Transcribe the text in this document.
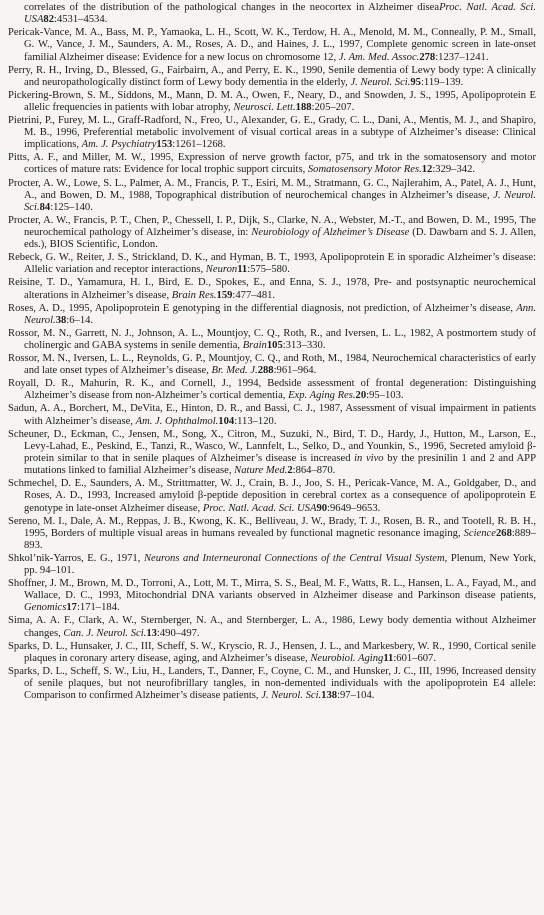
correlates of the distribution of the pathological changes in the neocortex in Alzheimer diseaProc. Natl. Acad. Sci. USA82:4531–4534.
Pericak-Vance, M. A., Bass, M. P., Yamaoka, L. H., Scott, W. K., Terdow, H. A., Menold, M. M., Conneally, P. M., Small, G. W., Vance, J. M., Saunders, A. M., Roses, A. D., and Haines, J. L., 1997, Complete genomic screen in late-onset familial Alzheimer disease: Evidence for a new locus on chromosome 12, J. Am. Med. Assoc.278:1237–1241.
Perry, R. H., Irving, D., Blessed, G., Fairbairn, A., and Perry, E. K., 1990, Senile dementia of Lewy body type: A clinically and neuropathologically distinct form of Lewy body dementia in the elderly, J. Neurol. Sci.95:119–139.
Pickering-Brown, S. M., Siddons, M., Mann, D. M. A., Owen, F., Neary, D., and Snowden, J. S., 1995, Apolipoprotein E allelic frequencies in patients with lobar atrophy, Neurosci. Lett.188:205–207.
Pietrini, P., Furey, M. L., Graff-Radford, N., Freo, U., Alexander, G. E., Grady, C. L., Dani, A., Mentis, M. J., and Shapiro, M. B., 1996, Preferential metabolic involvement of visual cortical areas in a subtype of Alzheimer’s disease: Clinical implications, Am. J. Psychiatry153:1261–1268.
Pitts, A. F., and Miller, M. W., 1995, Expression of nerve growth factor, p75, and trk in the somatosensory and motor cortices of mature rats: Evidence for local trophic support circuits, Somatosensory Motor Res.12:329–342.
Procter, A. W., Lowe, S. L., Palmer, A. M., Francis, P. T., Esiri, M. M., Stratmann, G. C., Najlerahim, A., Patel, A. J., Hunt, A., and Bowen, D. M., 1988, Topographical distribution of neurochemical changes in Alzheimer’s disease, J. Neurol. Sci.84:125–140.
Procter, A. W., Francis, P. T., Chen, P., Chessell, I. P., Dijk, S., Clarke, N. A., Webster, M.-T., and Bowen, D. M., 1995, The neurochemical pathology of Alzheimer’s disease, in: Neurobiology of Alzheimer’s Disease (D. Dawbarn and S. J. Allen, eds.), BIOS Scientific, London.
Rebeck, G. W., Reiter, J. S., Strickland, D. K., and Hyman, B. T., 1993, Apolipoprotein E in sporadic Alzheimer’s disease: Allelic variation and receptor interactions, Neuron11:575–580.
Reisine, T. D., Yamamura, H. I., Bird, E. D., Spokes, E., and Enna, S. J., 1978, Pre- and postsynaptic neurochemical alterations in Alzheimer’s disease, Brain Res.159:477–481.
Roses, A. D., 1995, Apolipoprotein E genotyping in the differential diagnosis, not prediction, of Alzheimer’s disease, Ann. Neurol.38:6–14.
Rossor, M. N., Garrett, N. J., Johnson, A. L., Mountjoy, C. Q., Roth, R., and Iversen, L. L., 1982, A postmortem study of cholinergic and GABA systems in senile dementia, Brain105:313–330.
Rossor, M. N., Iversen, L. L., Reynolds, G. P., Mountjoy, C. Q., and Roth, M., 1984, Neurochemical characteristics of early and late onset types of Alzheimer’s disease, Br. Med. J.288:961–964.
Royall, D. R., Mahurin, R. K., and Cornell, J., 1994, Bedside assessment of frontal degeneration: Distinguishing Alzheimer’s disease from non-Alzheimer’s cortical dementia, Exp. Aging Res.20:95–103.
Sadun, A. A., Borchert, M., DeVita, E., Hinton, D. R., and Bassi, C. J., 1987, Assessment of visual impairment in patients with Alzheimer’s disease, Am. J. Ophthalmol.104:113–120.
Scheuner, D., Eckman, C., Jensen, M., Song, X., Citron, M., Suzuki, N., Bird, T. D., Hardy, J., Hutton, M., Larson, E., Levy-Lahad, E., Peskind, E., Tanzi, R., Wasco, W., Lannfelt, L., Selko, D., and Younkin, S., 1996, Secreted amyloid β-protein similar to that in senile plaques of Alzheimer’s disease is increased in vivo by the presinilin 1 and 2 and APP mutations linked to familial Alzheimer’s disease, Nature Med.2:864–870.
Schmechel, D. E., Saunders, A. M., Strittmatter, W. J., Crain, B. J., Joo, S. H., Pericak-Vance, M. A., Goldgaber, D., and Roses, A. D., 1993, Increased amyloid β-peptide deposition in cerebral cortex as a consequence of apolipoprotein E genotype in late-onset Alzheimer disease, Proc. Natl. Acad. Sci. USA90:9649–9653.
Sereno, M. I., Dale, A. M., Reppas, J. B., Kwong, K. K., Belliveau, J. W., Brady, T. J., Rosen, B. R., and Tootell, R. B. H., 1995, Borders of multiple visual areas in humans revealed by functional magnetic resonance imaging, Science268:889–893.
Shkol’nik-Yarros, E. G., 1971, Neurons and Interneuronal Connections of the Central Visual System, Plenum, New York, pp. 94–101.
Shoffner, J. M., Brown, M. D., Torroni, A., Lott, M. T., Mirra, S. S., Beal, M. F., Watts, R. L., Hansen, L. A., Fayad, M., and Wallace, D. C., 1993, Mitochondrial DNA variants observed in Alzheimer disease and Parkinson disease patients, Genomics17:171–184.
Sima, A. A. F., Clark, A. W., Sternberger, N. A., and Sternberger, L. A., 1986, Lewy body dementia without Alzheimer changes, Can. J. Neurol. Sci.13:490–497.
Sparks, D. L., Hunsaker, J. C., III, Scheff, S. W., Kryscio, R. J., Hensen, J. L., and Markesbery, W. R., 1990, Cortical senile plaques in coronary artery disease, aging, and Alzheimer’s disease, Neurobiol. Aging11:601–607.
Sparks, D. L., Scheff, S. W., Liu, H., Landers, T., Danner, F., Coyne, C. M., and Hunsker, J. C., III, 1996, Increased density of senile plaques, but not neurofibrillary tangles, in non-demented individuals with the apolipoprotein E4 allele: Comparison to confirmed Alzheimer’s disease patients, J. Neurol. Sci.138:97–104.
